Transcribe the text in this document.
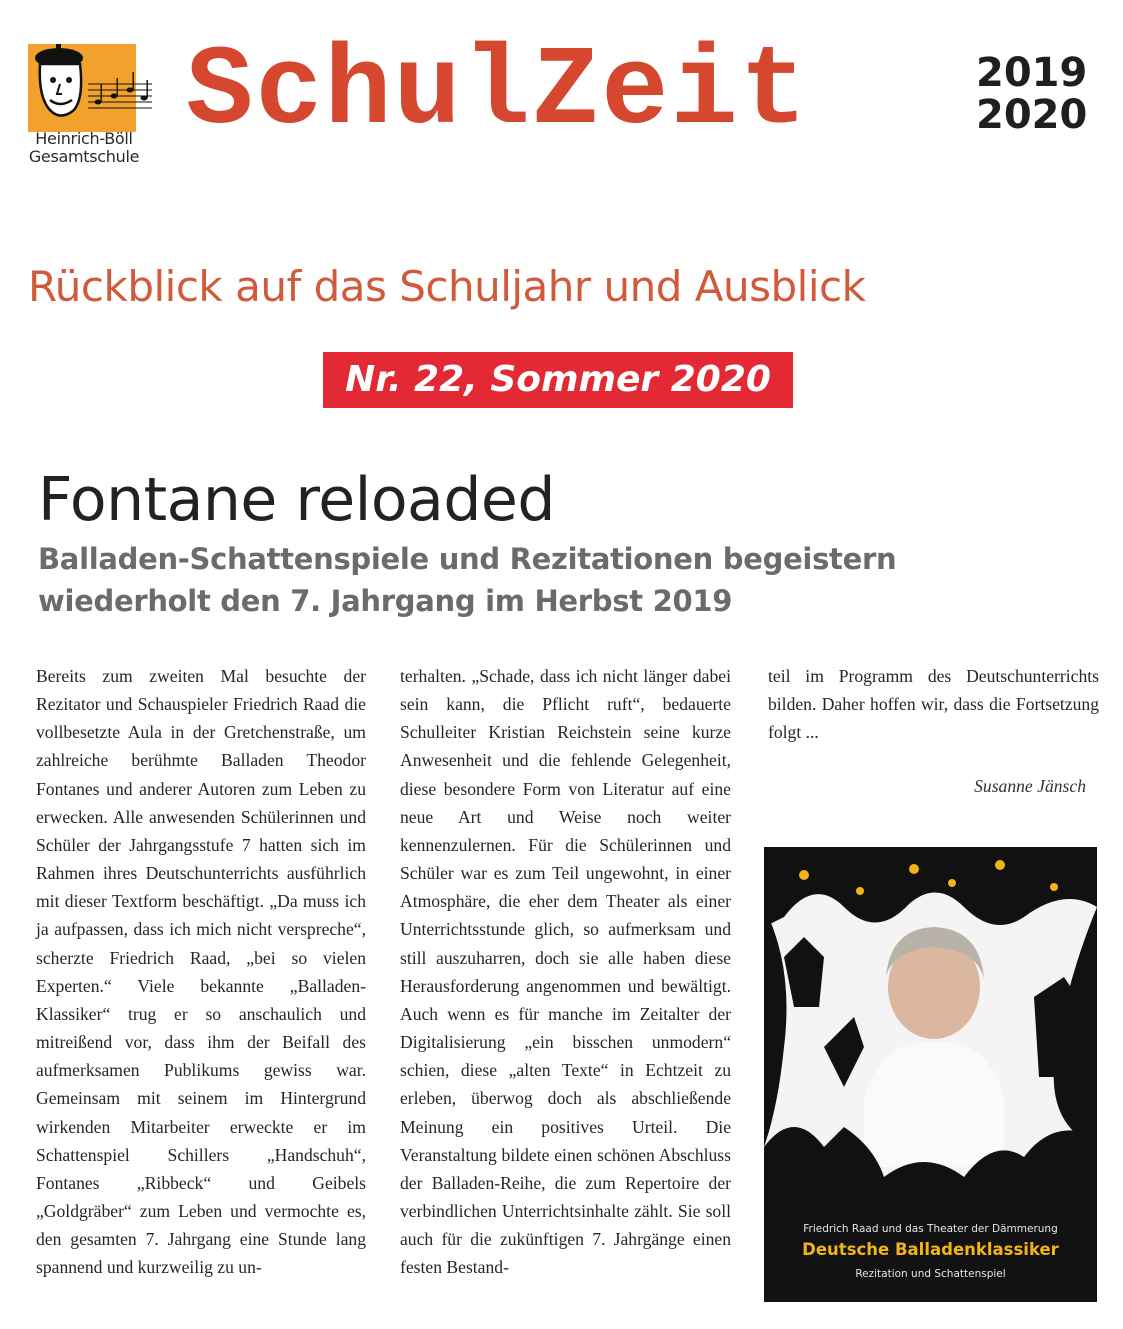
Heinrich-Böll
Gesamtschule
SchulZeit	2019
2020
Rückblick auf das Schuljahr und Ausblick
Nr. 22, Sommer 2020
Fontane reloaded
Balladen-Schattenspiele und Rezitationen begeistern wiederholt den 7. Jahrgang im Herbst 2019

Bereits zum zweiten Mal besuchte der Rezitator und Schauspieler Friedrich Raad die vollbesetzte Aula in der Gretchenstraße, um zahlreiche berühmte Balladen Theodor Fontanes und anderer Autoren zum Leben zu erwecken. Alle anwesenden Schülerinnen und Schüler der Jahrgangsstufe 7 hatten sich im Rahmen ihres Deutschunterrichts ausführlich mit dieser Textform beschäftigt. „Da muss ich ja aufpassen, dass ich mich nicht verspreche“, scherzte Friedrich Raad, „bei so vielen Experten.“ Viele bekannte „Balladen-Klassiker“ trug er so anschaulich und mitreißend vor, dass ihm der Beifall des aufmerksamen Publikums gewiss war. Gemeinsam mit seinem im Hintergrund wirkenden Mitarbeiter erweckte er im Schattenspiel Schillers „Handschuh“, Fontanes „Ribbeck“ und Geibels „Goldgräber“ zum Leben und vermochte es, den gesamten 7. Jahrgang eine Stunde lang spannend und kurzweilig zu un-

terhalten. „Schade, dass ich nicht länger dabei sein kann, die Pflicht ruft“, bedauerte Schulleiter Kristian Reichstein seine kurze Anwesenheit und die fehlende Gelegenheit, diese besondere Form von Literatur auf eine neue Art und Weise noch weiter kennenzulernen. Für die Schülerinnen und Schüler war es zum Teil ungewohnt, in einer Atmosphäre, die eher dem Theater als einer Unterrichtsstunde glich, so aufmerksam und still auszuharren, doch sie alle haben diese Herausforderung angenommen und bewältigt. Auch wenn es für manche im Zeitalter der Digitalisierung „ein bisschen unmodern“ schien, diese „alten Texte“ in Echtzeit zu erleben, überwog doch als abschließende Meinung ein positives Urteil. Die Veranstaltung bildete einen schönen Abschluss der Balladen-Reihe, die zum Repertoire der verbindlichen Unterrichtsinhalte zählt. Sie soll auch für die zukünftigen 7. Jahrgänge einen festen Bestand-

teil im Programm des Deutschunterrichts bilden. Daher hoffen wir, dass die Fortsetzung folgt ...

Susanne Jänsch
Friedrich Raad und das Theater der Dämmerung
Deutsche Balladenklassiker
Rezitation und Schattenspiel
